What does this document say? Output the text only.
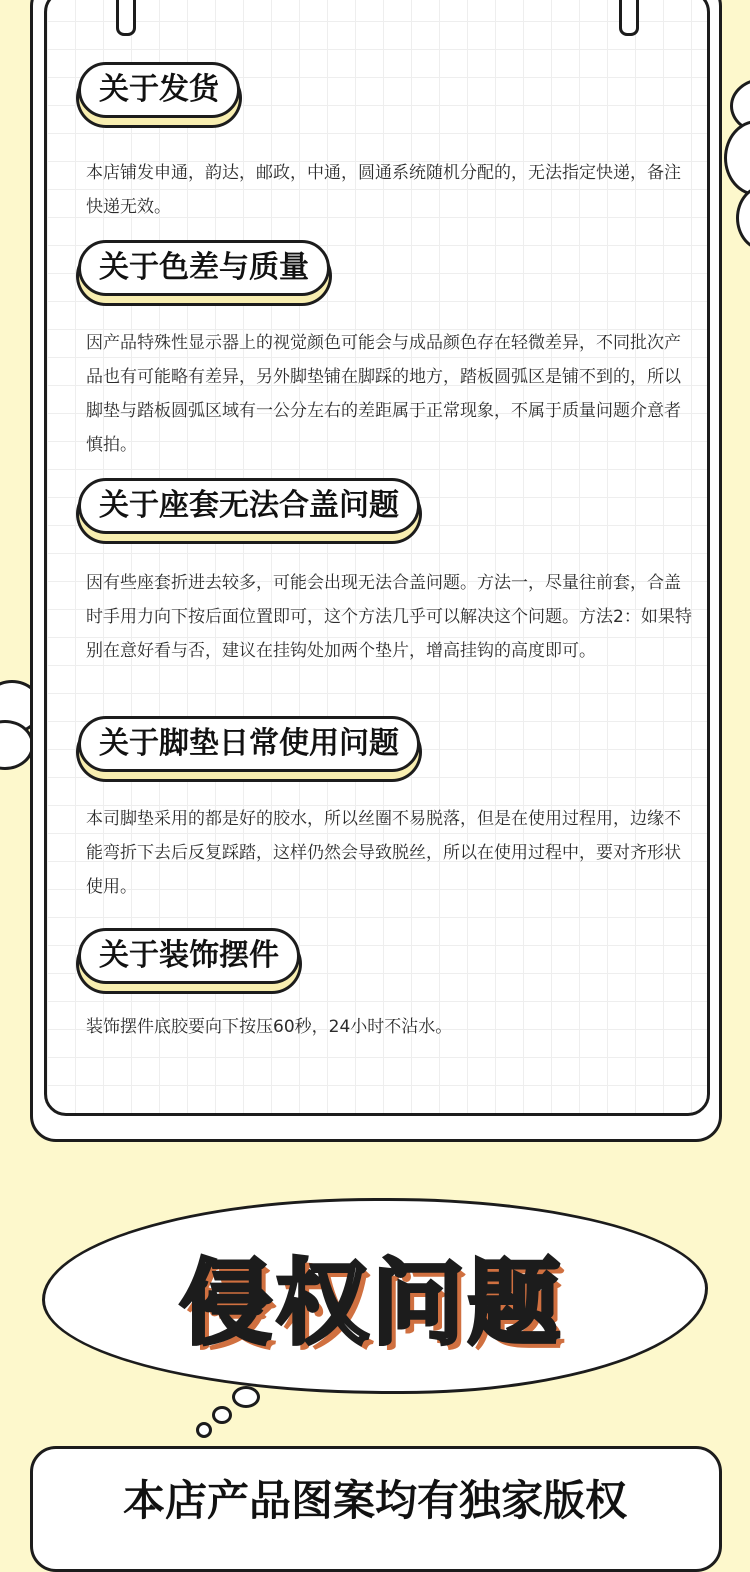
关于发货
本店铺发申通，韵达，邮政，中通，圆通系统随机分配的，无法指定快递，备注快递无效。
关于色差与质量
因产品特殊性显示器上的视觉颜色可能会与成品颜色存在轻微差异，不同批次产品也有可能略有差异，另外脚垫铺在脚踩的地方，踏板圆弧区是铺不到的，所以脚垫与踏板圆弧区域有一公分左右的差距属于正常现象，不属于质量问题介意者慎拍。
关于座套无法合盖问题
因有些座套折进去较多，可能会出现无法合盖问题。方法一，尽量往前套，合盖时手用力向下按后面位置即可，这个方法几乎可以解决这个问题。方法2：如果特别在意好看与否，建议在挂钩处加两个垫片，增高挂钩的高度即可。
关于脚垫日常使用问题
本司脚垫采用的都是好的胶水，所以丝圈不易脱落，但是在使用过程用，边缘不能弯折下去后反复踩踏，这样仍然会导致脱丝，所以在使用过程中，要对齐形状使用。
关于装饰摆件
装饰摆件底胶要向下按压60秒，24小时不沾水。
侵权问题
本店产品图案均有独家版权
